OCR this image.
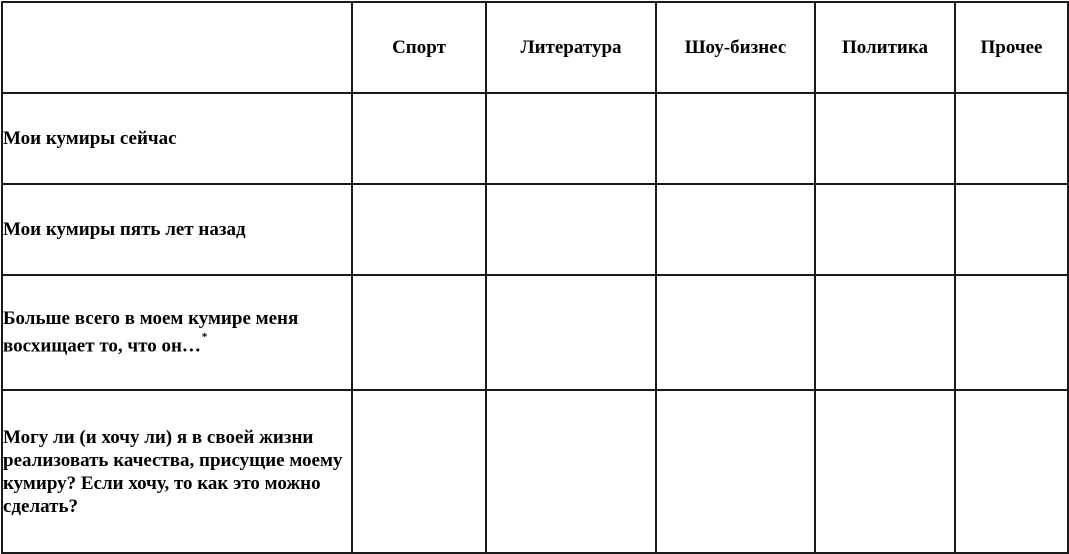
	Спорт	Литература	Шоу-бизнес	Политика	Прочее
Мои кумиры сейчас					
Мои кумиры пять лет назад					
Больше всего в моем кумире меня восхищает то, что он…*					
Могу ли (и хочу ли) я в своей жизни реализовать качества, присущие моему кумиру? Если хочу, то как это можно сделать?					
